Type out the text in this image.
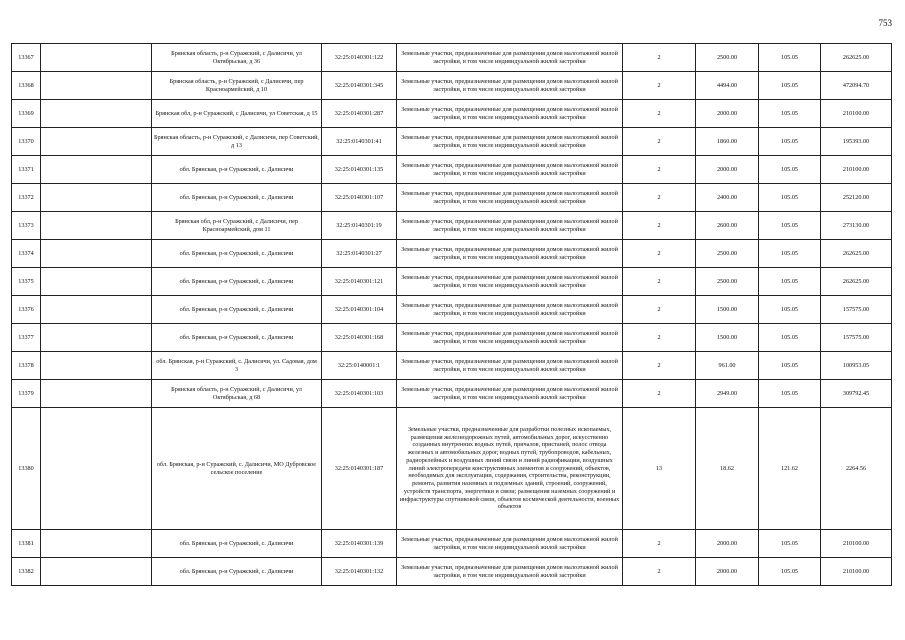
753
13367		Брянская область, р-н Суражский, с Далисичи, ул Октябрьская, д 36	32:25:0140301:122	Земельные участки, предназначенные для размещения домов малоэтажной жилой застройки, в том числе индивидуальной жилой застройки	2	2500.00	105.05	262625.00
13368		Брянская область, р-н Суражский, с Далисичи, пер Красноармейский, д 10	32:25:0140301:345	Земельные участки, предназначенные для размещения домов малоэтажной жилой застройки, в том числе индивидуальной жилой застройки	2	4494.00	105.05	472094.70
13369		Брянская обл, р-н Суражский, с Далисичи, ул Советская, д 15	32:25:0140301:287	Земельные участки, предназначенные для размещения домов малоэтажной жилой застройки, в том числе индивидуальной жилой застройки	2	2000.00	105.05	210100.00
13370		Брянская область, р-н Суражский, с Далисичи, пер Советский, д 13	32:25:0140301:41	Земельные участки, предназначенные для размещения домов малоэтажной жилой застройки, в том числе индивидуальной жилой застройки	2	1860.00	105.05	195393.00
13371		обл. Брянская, р-н Суражский, с. Далисичи	32:25:0140301:135	Земельные участки, предназначенные для размещения домов малоэтажной жилой застройки, в том числе индивидуальной жилой застройки	2	2000.00	105.05	210100.00
13372		обл. Брянская, р-н Суражский, с. Далисичи	32:25:0140301:107	Земельные участки, предназначенные для размещения домов малоэтажной жилой застройки, в том числе индивидуальной жилой застройки	2	2400.00	105.05	252120.00
13373		Брянская обл, р-н Суражский, с Далисичи, пер Красноармейский, дом 11	32:25:0140301:19	Земельные участки, предназначенные для размещения домов малоэтажной жилой застройки, в том числе индивидуальной жилой застройки	2	2600.00	105.05	273130.00
13374		обл. Брянская, р-н Суражский, с. Далисичи	32:25:0140301:27	Земельные участки, предназначенные для размещения домов малоэтажной жилой застройки, в том числе индивидуальной жилой застройки	2	2500.00	105.05	262625.00
13375		обл. Брянская, р-н Суражский, с. Далисичи	32:25:0140301:121	Земельные участки, предназначенные для размещения домов малоэтажной жилой застройки, в том числе индивидуальной жилой застройки	2	2500.00	105.05	262625.00
13376		обл. Брянская, р-н Суражский, с. Далисичи	32:25:0140301:104	Земельные участки, предназначенные для размещения домов малоэтажной жилой застройки, в том числе индивидуальной жилой застройки	2	1500.00	105.05	157575.00
13377		обл. Брянская, р-н Суражский, с. Далисичи	32:25:0140301:168	Земельные участки, предназначенные для размещения домов малоэтажной жилой застройки, в том числе индивидуальной жилой застройки	2	1500.00	105.05	157575.00
13378		обл. Брянская, р-н Суражский, с. Далисичи, ул. Садовая, дом 3	32:25:0140001:1	Земельные участки, предназначенные для размещения домов малоэтажной жилой застройки, в том числе индивидуальной жилой застройки	2	961.00	105.05	100953.05
13379		Брянская область, р-н Суражский, с Далисичи, ул Октябрьская, д 68	32:25:0140301:103	Земельные участки, предназначенные для размещения домов малоэтажной жилой застройки, в том числе индивидуальной жилой застройки	2	2949.00	105.05	309792.45
13380		обл. Брянская, р-н Суражский, с. Далисичи, МО Дубровское сельское поселение	32:25:0140301:187	Земельные участки, предназначенные для разработки полезных ископаемых, размещения железнодорожных путей, автомобильных дорог, искусственно созданных внутренних водных путей, причалов, пристаней, полос отвода железных и автомобильных дорог, водных путей, трубопроводов, кабельных, радиорелейных и воздушных линий связи и линий радиофикации, воздушных линий электропередачи конструктивных элементов и сооружений, объектов, необходимых для эксплуатации, содержания, строительства, реконструкции, ремонта, развития наземных и подземных зданий, строений, сооружений, устройств транспорта, энергетики и связи; размещения наземных сооружений и инфраструктуры спутниковой связи, объектов космической деятельности, военных объектов	13	18.62	121.62	2264.56
13381		обл. Брянская, р-н Суражский, с. Далисичи	32:25:0140301:139	Земельные участки, предназначенные для размещения домов малоэтажной жилой застройки, в том числе индивидуальной жилой застройки	2	2000.00	105.05	210100.00
13382		обл. Брянская, р-н Суражский, с. Далисичи	32:25:0140301:132	Земельные участки, предназначенные для размещения домов малоэтажной жилой застройки, в том числе индивидуальной жилой застройки	2	2000.00	105.05	210100.00
